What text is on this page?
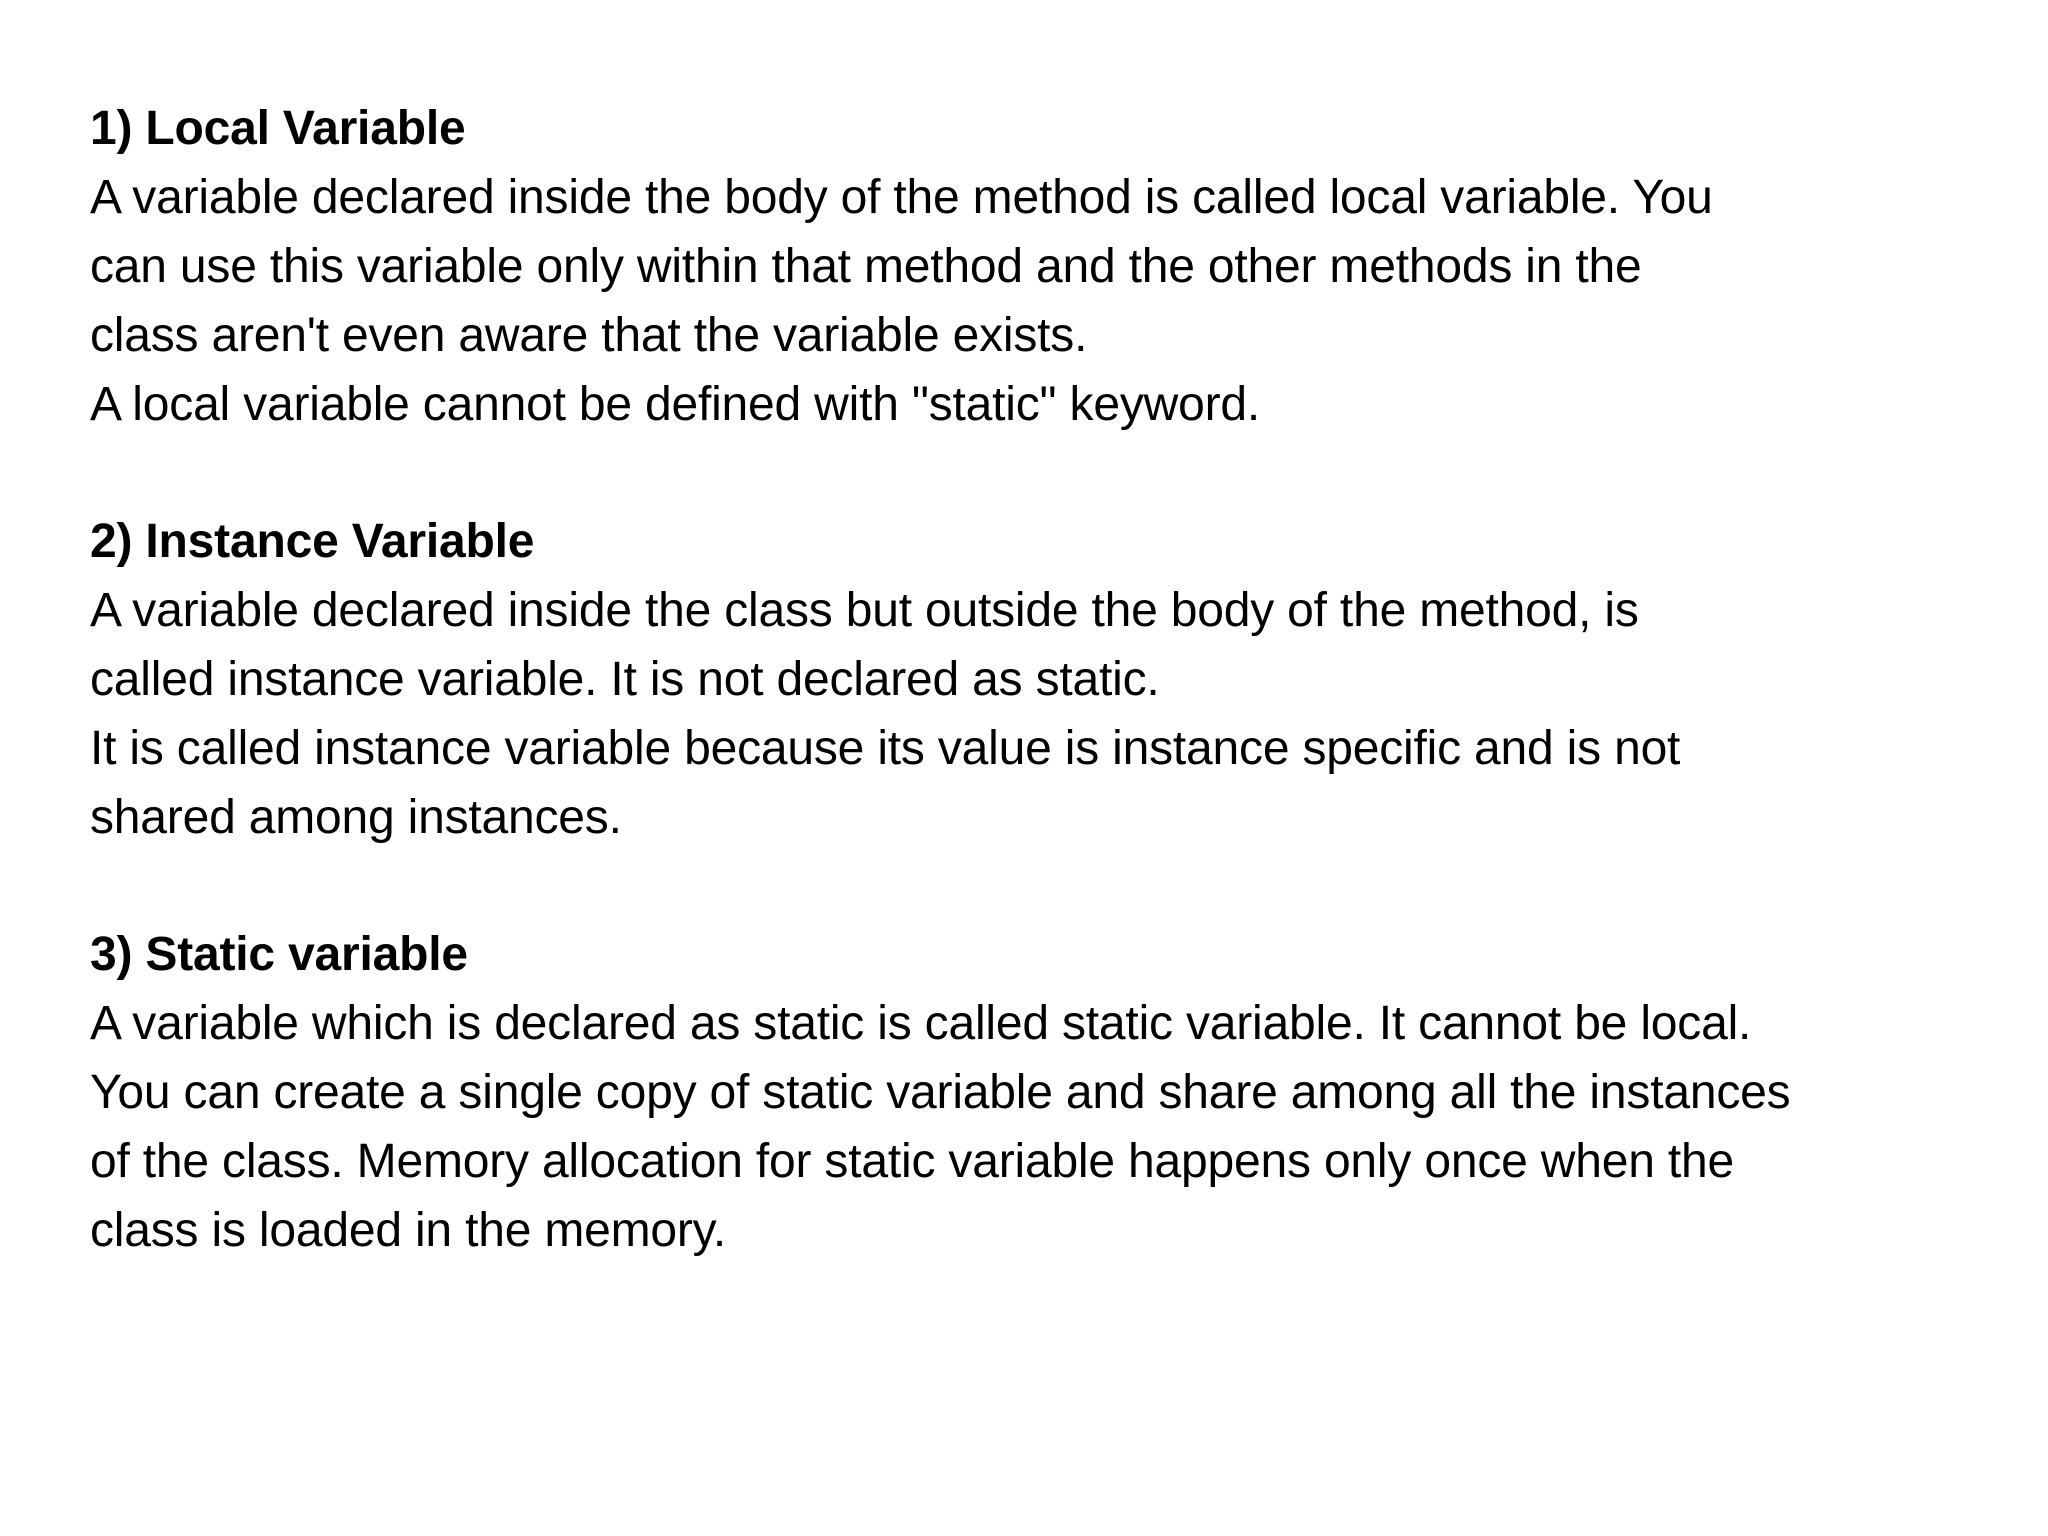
1) Local Variable
A variable declared inside the body of the method is called local variable. You
can use this variable only within that method and the other methods in the
class aren't even aware that the variable exists.
A local variable cannot be defined with "static" keyword.
2) Instance Variable
A variable declared inside the class but outside the body of the method, is
called instance variable. It is not declared as static.
It is called instance variable because its value is instance specific and is not
shared among instances.
3) Static variable
A variable which is declared as static is called static variable. It cannot be local.
You can create a single copy of static variable and share among all the instances
of the class. Memory allocation for static variable happens only once when the
class is loaded in the memory.
